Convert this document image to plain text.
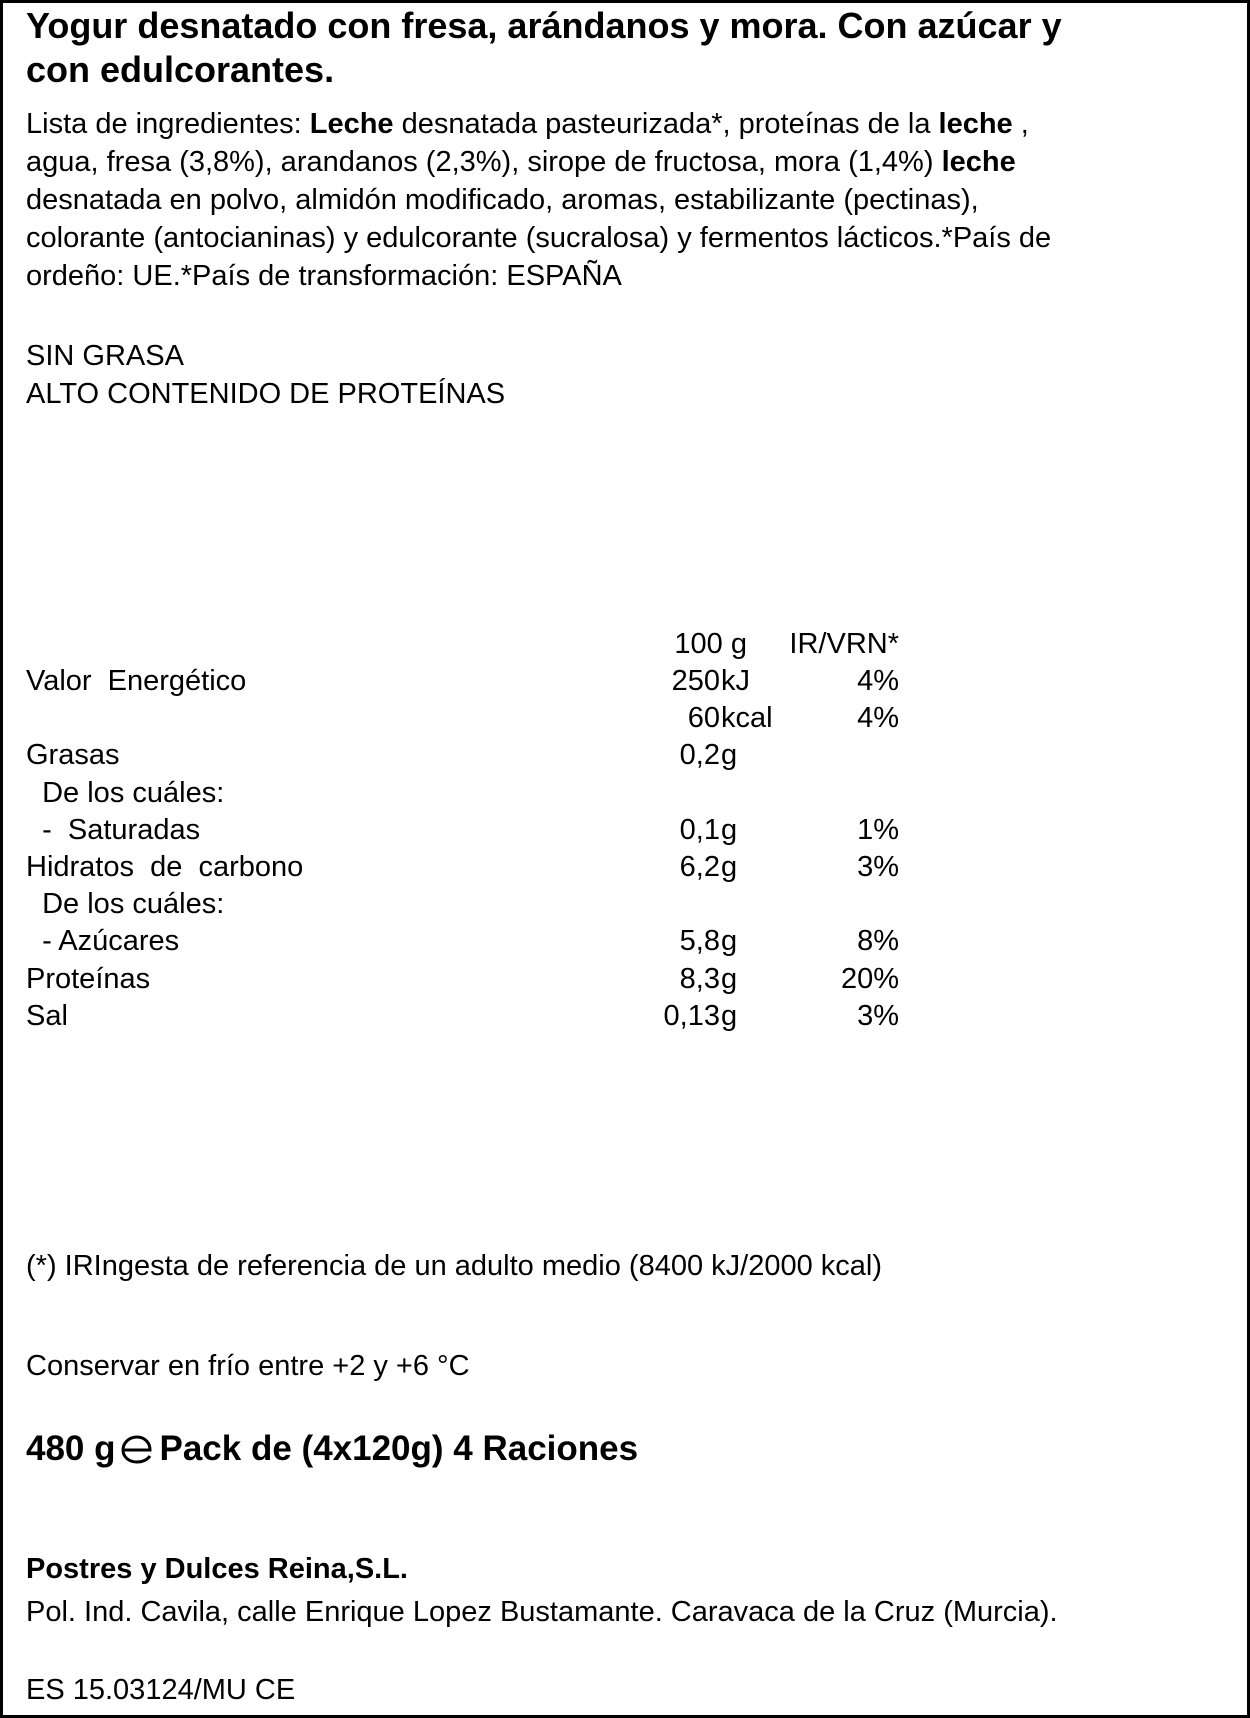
Yogur desnatado con fresa, arándanos y mora. Con azúcar y
con edulcorantes.
Lista de ingredientes: Leche desnatada pasteurizada*, proteínas de la leche ,
agua, fresa (3,8%), arandanos (2,3%), sirope de fructosa, mora (1,4%) leche
desnatada en polvo, almidón modificado, aromas, estabilizante (pectinas),
colorante (antocianinas) y edulcorante (sucralosa) y fermentos lácticos.*País de
ordeño: UE.*País de transformación: ESPAÑA
SIN GRASA
ALTO CONTENIDO DE PROTEÍNAS
100 g	IR/VRN*
Valor  Energético	250 kJ	4%
60 kcal	4%
Grasas	0,2 g
De los cuáles:
-  Saturadas	0,1 g	1%
Hidratos  de  carbono	6,2 g	3%
De los cuáles:
- Azúcares	5,8 g	8%
Proteínas	8,3 g	20%
Sal	0,13 g	3%
(*) IRIngesta de referencia de un adulto medio (8400 kJ/2000 kcal)
Conservar en frío entre +2 y +6 °C
480 g Pack de (4x120g) 4 Raciones
Postres y Dulces Reina,S.L.
Pol. Ind. Cavila, calle Enrique Lopez Bustamante. Caravaca de la Cruz (Murcia).
ES 15.03124/MU CE
